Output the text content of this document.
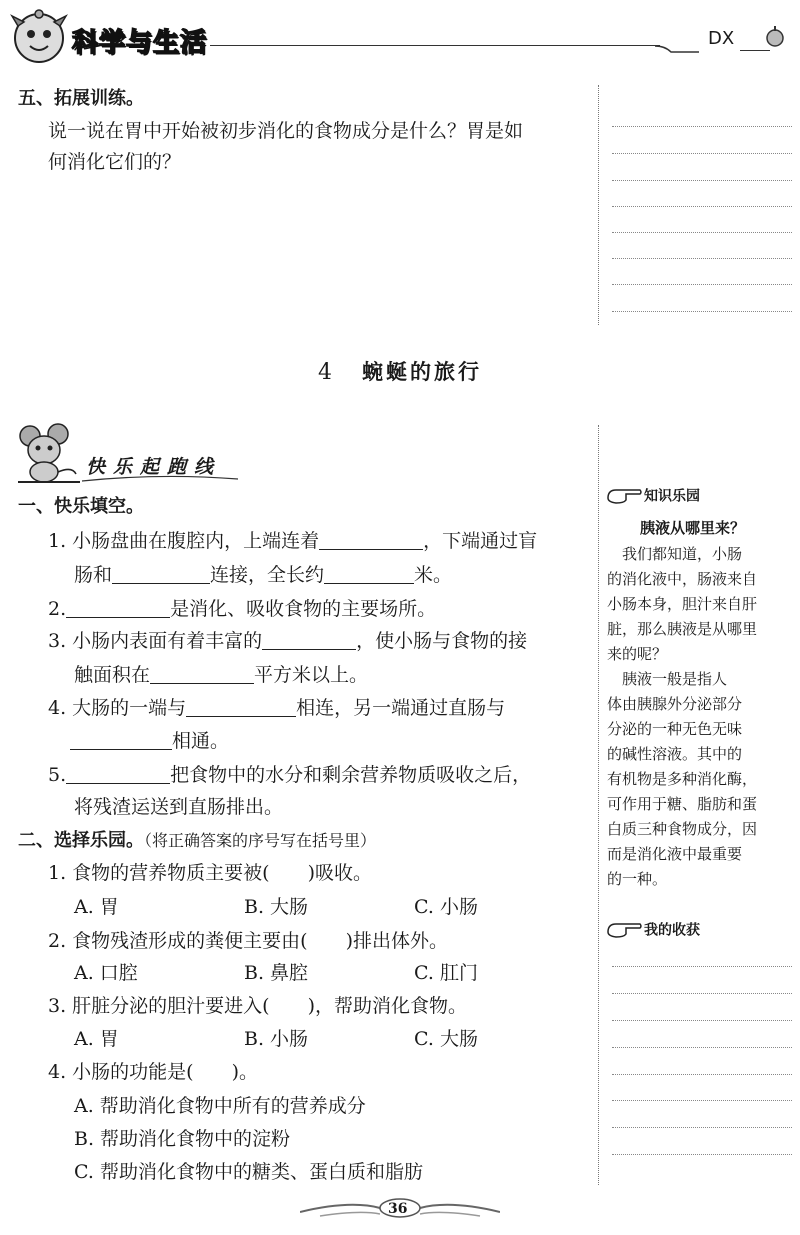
科学与生活	DX
五、拓展训练。
说一说在胃中开始被初步消化的食物成分是什么？胃是如
何消化它们的？
4 蜿蜒的旅行
快乐起跑线
一、快乐填空。
1. 小肠盘曲在腹腔内，上端连着	，下端通过盲
肠和	连接，全长约	米。
2.	是消化、吸收食物的主要场所。
3. 小肠内表面有着丰富的	，使小肠与食物的接
触面积在	平方米以上。
4. 大肠的一端与	相连，另一端通过直肠与
相通。
5.	把食物中的水分和剩余营养物质吸收之后，
将残渣运送到直肠排出。
二、选择乐园。（将正确答案的序号写在括号里）
1. 食物的营养物质主要被(　　)吸收。
A. 胃	B. 大肠	C. 小肠
2. 食物残渣形成的粪便主要由(　　)排出体外。
A. 口腔	B. 鼻腔	C. 肛门
3. 肝脏分泌的胆汁要进入(　　)，帮助消化食物。
A. 胃	B. 小肠	C. 大肠
4. 小肠的功能是(　　)。
A. 帮助消化食物中所有的营养成分
B. 帮助消化食物中的淀粉
C. 帮助消化食物中的糖类、蛋白质和脂肪
知识乐园
胰液从哪里来？
　我们都知道，小肠
的消化液中，肠液来自
小肠本身，胆汁来自肝
脏，那么胰液是从哪里
来的呢？
　胰液一般是指人
体由胰腺外分泌部分
分泌的一种无色无味
的碱性溶液。其中的
有机物是多种消化酶，
可作用于糖、脂肪和蛋
白质三种食物成分，因
而是消化液中最重要
的一种。
我的收获
36
